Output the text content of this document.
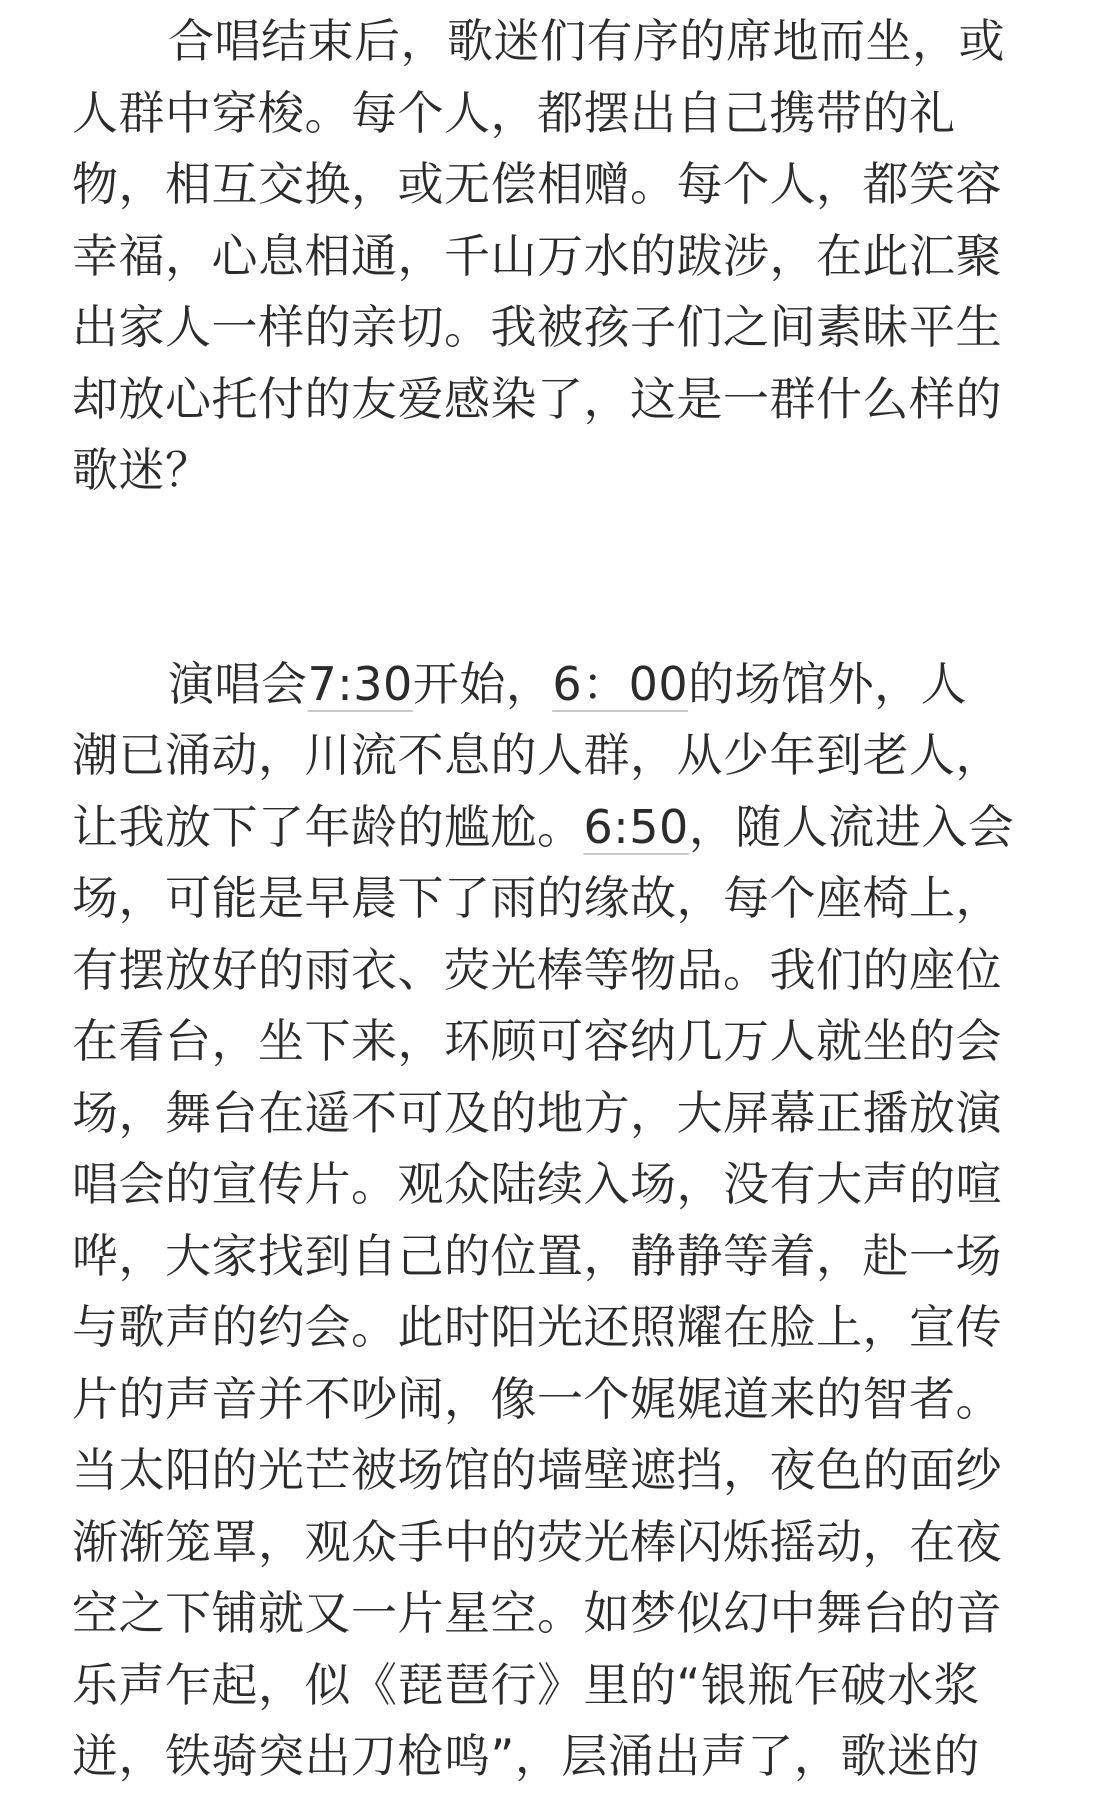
合唱结束后，歌迷们有序的席地而坐，或
人群中穿梭。每个人，都摆出自己携带的礼
物，相互交换，或无偿相赠。每个人，都笑容
幸福，心息相通，千山万水的跋涉，在此汇聚
出家人一样的亲切。我被孩子们之间素昧平生
却放心托付的友爱感染了，这是一群什么样的
歌迷？

演唱会7:30开始，6：00的场馆外，人
潮已涌动，川流不息的人群，从少年到老人，
让我放下了年龄的尴尬。6:50，随人流进入会
场，可能是早晨下了雨的缘故，每个座椅上，
有摆放好的雨衣、荧光棒等物品。我们的座位
在看台，坐下来，环顾可容纳几万人就坐的会
场，舞台在遥不可及的地方，大屏幕正播放演
唱会的宣传片。观众陆续入场，没有大声的喧
哗，大家找到自己的位置，静静等着，赴一场
与歌声的约会。此时阳光还照耀在脸上，宣传
片的声音并不吵闹，像一个娓娓道来的智者。
当太阳的光芒被场馆的墙壁遮挡，夜色的面纱
渐渐笼罩，观众手中的荧光棒闪烁摇动，在夜
空之下铺就又一片星空。如梦似幻中舞台的音
乐声乍起，似《琵琶行》里的“银瓶乍破水浆
迸，铁骑突出刀枪鸣”，层涌出声了，歌迷的
